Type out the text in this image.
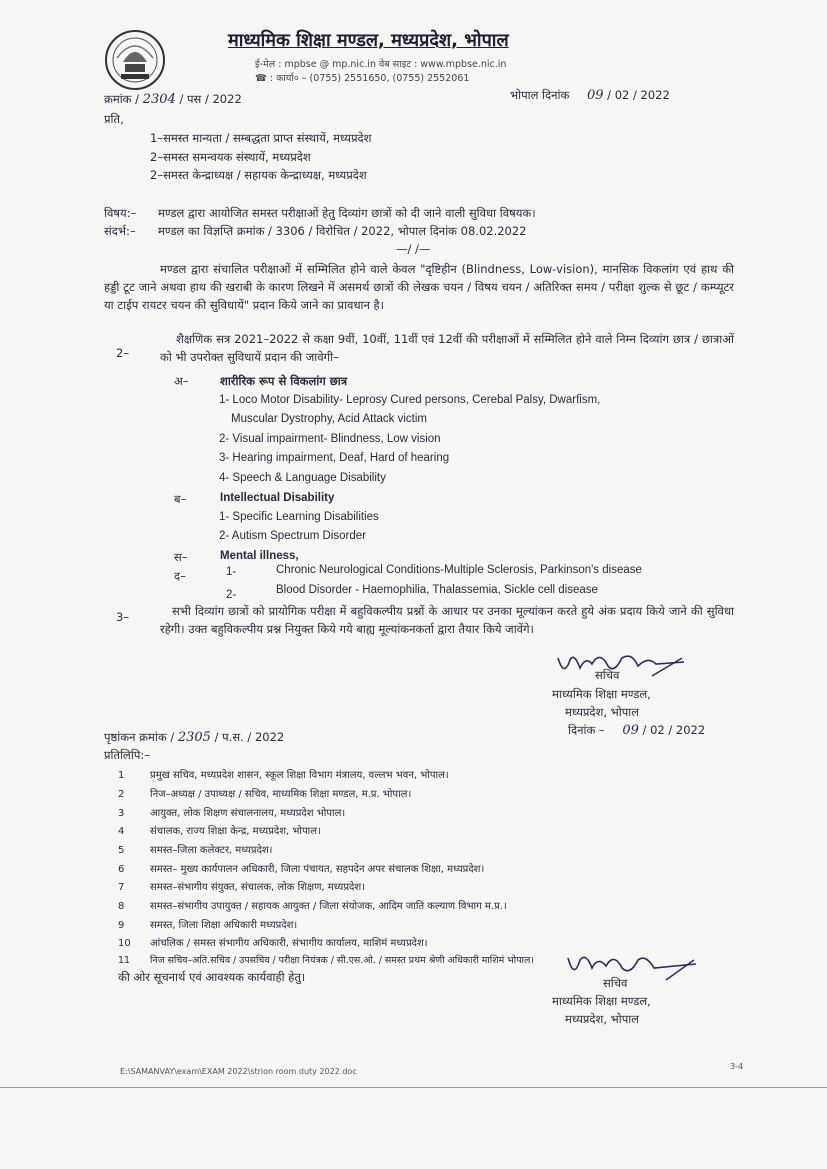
माध्यमिक शिक्षा मण्डल, मध्यप्रदेश, भोपाल
ई-मेल : mpbse @ mp.nic.in वेब साइट : www.mpbse.nic.in
☎ : कार्या० – (0755) 2551650, (0755) 2552061
क्रमांक / 2304 / पस / 2022	भोपाल दिनांक 09 / 02 / 2022
प्रति,
1–समस्त मान्यता / सम्बद्धता प्राप्त संस्थायें, मध्यप्रदेश
2–समस्त समन्वयक संस्थायें, मध्यप्रदेश
2–समस्त केन्द्राध्यक्ष / सहायक केन्द्राध्यक्ष, मध्यप्रदेश
विषय:– मण्डल द्वारा आयोजित समस्त परीक्षाओं हेतु दिव्यांग छात्रों को दी जाने वाली सुविधा विषयक।
संदर्भ:– मण्डल का विज्ञप्ति क्रमांक / 3306 / विरोचित / 2022, भोपाल दिनांक 08.02.2022
—/ /—
मण्डल द्वारा संचालित परीक्षाओं में सम्मिलित होने वाले केवल "दृष्टिहीन (Blindness, Low-vision), मानसिक विकलांग एवं हाथ की हड्डी टूट जाने अथवा हाथ की खराबी के कारण लिखने में असमर्थ छात्रों की लेखक चयन / विषय चयन / अतिरिक्त समय / परीक्षा शुल्क से छूट / कम्प्यूटर या टाईप रायटर चयन की सुविधायें" प्रदान किये जाने का प्रावधान है।
2–
शैक्षणिक सत्र 2021–2022 से कक्षा 9वीं, 10वीं, 11वीं एवं 12वीं की परीक्षाओं में सम्मिलित होने वाले निम्न दिव्यांग छात्र / छात्राओं को भी उपरोक्त सुविधायें प्रदान की जावेगी–
अ–	शारीरिक रूप से विकलांग छात्र
1- Loco Motor Disability- Leprosy Cured persons, Cerebal Palsy, Dwarfism,
Muscular Dystrophy, Acid Attack victim
2- Visual impairment- Blindness, Low vision
3- Hearing impairment, Deaf, Hard of hearing
4- Speech & Language Disability
ब–	Intellectual Disability
1- Specific Learning Disabilities
2- Autism Spectrum Disorder
स–	Mental illness,
द–	1-	Chronic Neurological Conditions-Multiple Sclerosis, Parkinson's disease
2-	Blood Disorder - Haemophilia, Thalassemia, Sickle cell disease
3–	सभी दिव्यांग छात्रों को प्रायोगिक परीक्षा में बहुविकल्पीय प्रश्नों के आधार पर उनका मूल्यांकन करते हुये अंक प्रदाय किये जाने की सुविधा रहेगी। उक्त बहुविकल्पीय प्रश्न नियुक्त किये गये बाह्य मूल्यांकनकर्ता द्वारा तैयार किये जावेंगे।
सचिव
माध्यमिक शिक्षा मण्डल,
मध्यप्रदेश, भोपाल
दिनांक – 09 / 02 / 2022
पृष्ठांकन क्रमांक / 2305 / प.स. / 2022
प्रतिलिपि:–
1	प्रमुख सचिव, मध्यप्रदेश शासन, स्कूल शिक्षा विभाग मंत्रालय, वल्लभ भवन, भोपाल।
2	निज–अध्यक्ष / उपाध्यक्ष / सचिव, माध्यमिक शिक्षा मण्डल, म.प्र. भोपाल।
3	आयुक्त, लोक शिक्षण संचालनालय, मध्यप्रदेश भोपाल।
4	संचालक, राज्य शिक्षा केन्द्र, मध्यप्रदेश, भोपाल।
5	समस्त–जिला कलेक्टर, मध्यप्रदेश।
6	समस्त– मुख्य कार्यपालन अधिकारी, जिला पंचायत, सहपदेन अपर संचालक शिक्षा, मध्यप्रदेश।
7	समस्त–संभागीय संयुक्त, संचालक, लोक शिक्षण, मध्यप्रदेश।
8	समस्त–संभागीय उपायुक्त / सहायक आयुक्त / जिला संयोजक, आदिम जाति कल्याण विभाग म.प्र.।
9	समस्त, जिला शिक्षा अधिकारी मध्यप्रदेश।
10 आंचलिक / समस्त संभागीय अधिकारी, संभागीय कार्यालय, माशिमं मध्यप्रदेश।
11 निज सचिव–अति.सचिव / उपसचिव / परीक्षा नियंत्रक / सी.एस.ओ. / समस्त प्रथम श्रेणी अधिकारी माशिमं भोपाल।
की ओर सूचनार्थ एवं आवश्यक कार्यवाही हेतु।	सचिव
माध्यमिक शिक्षा मण्डल,
मध्यप्रदेश, भोपाल
E:\SAMANVAY\exam\EXAM 2022\strion room duty 2022.doc
3-4
